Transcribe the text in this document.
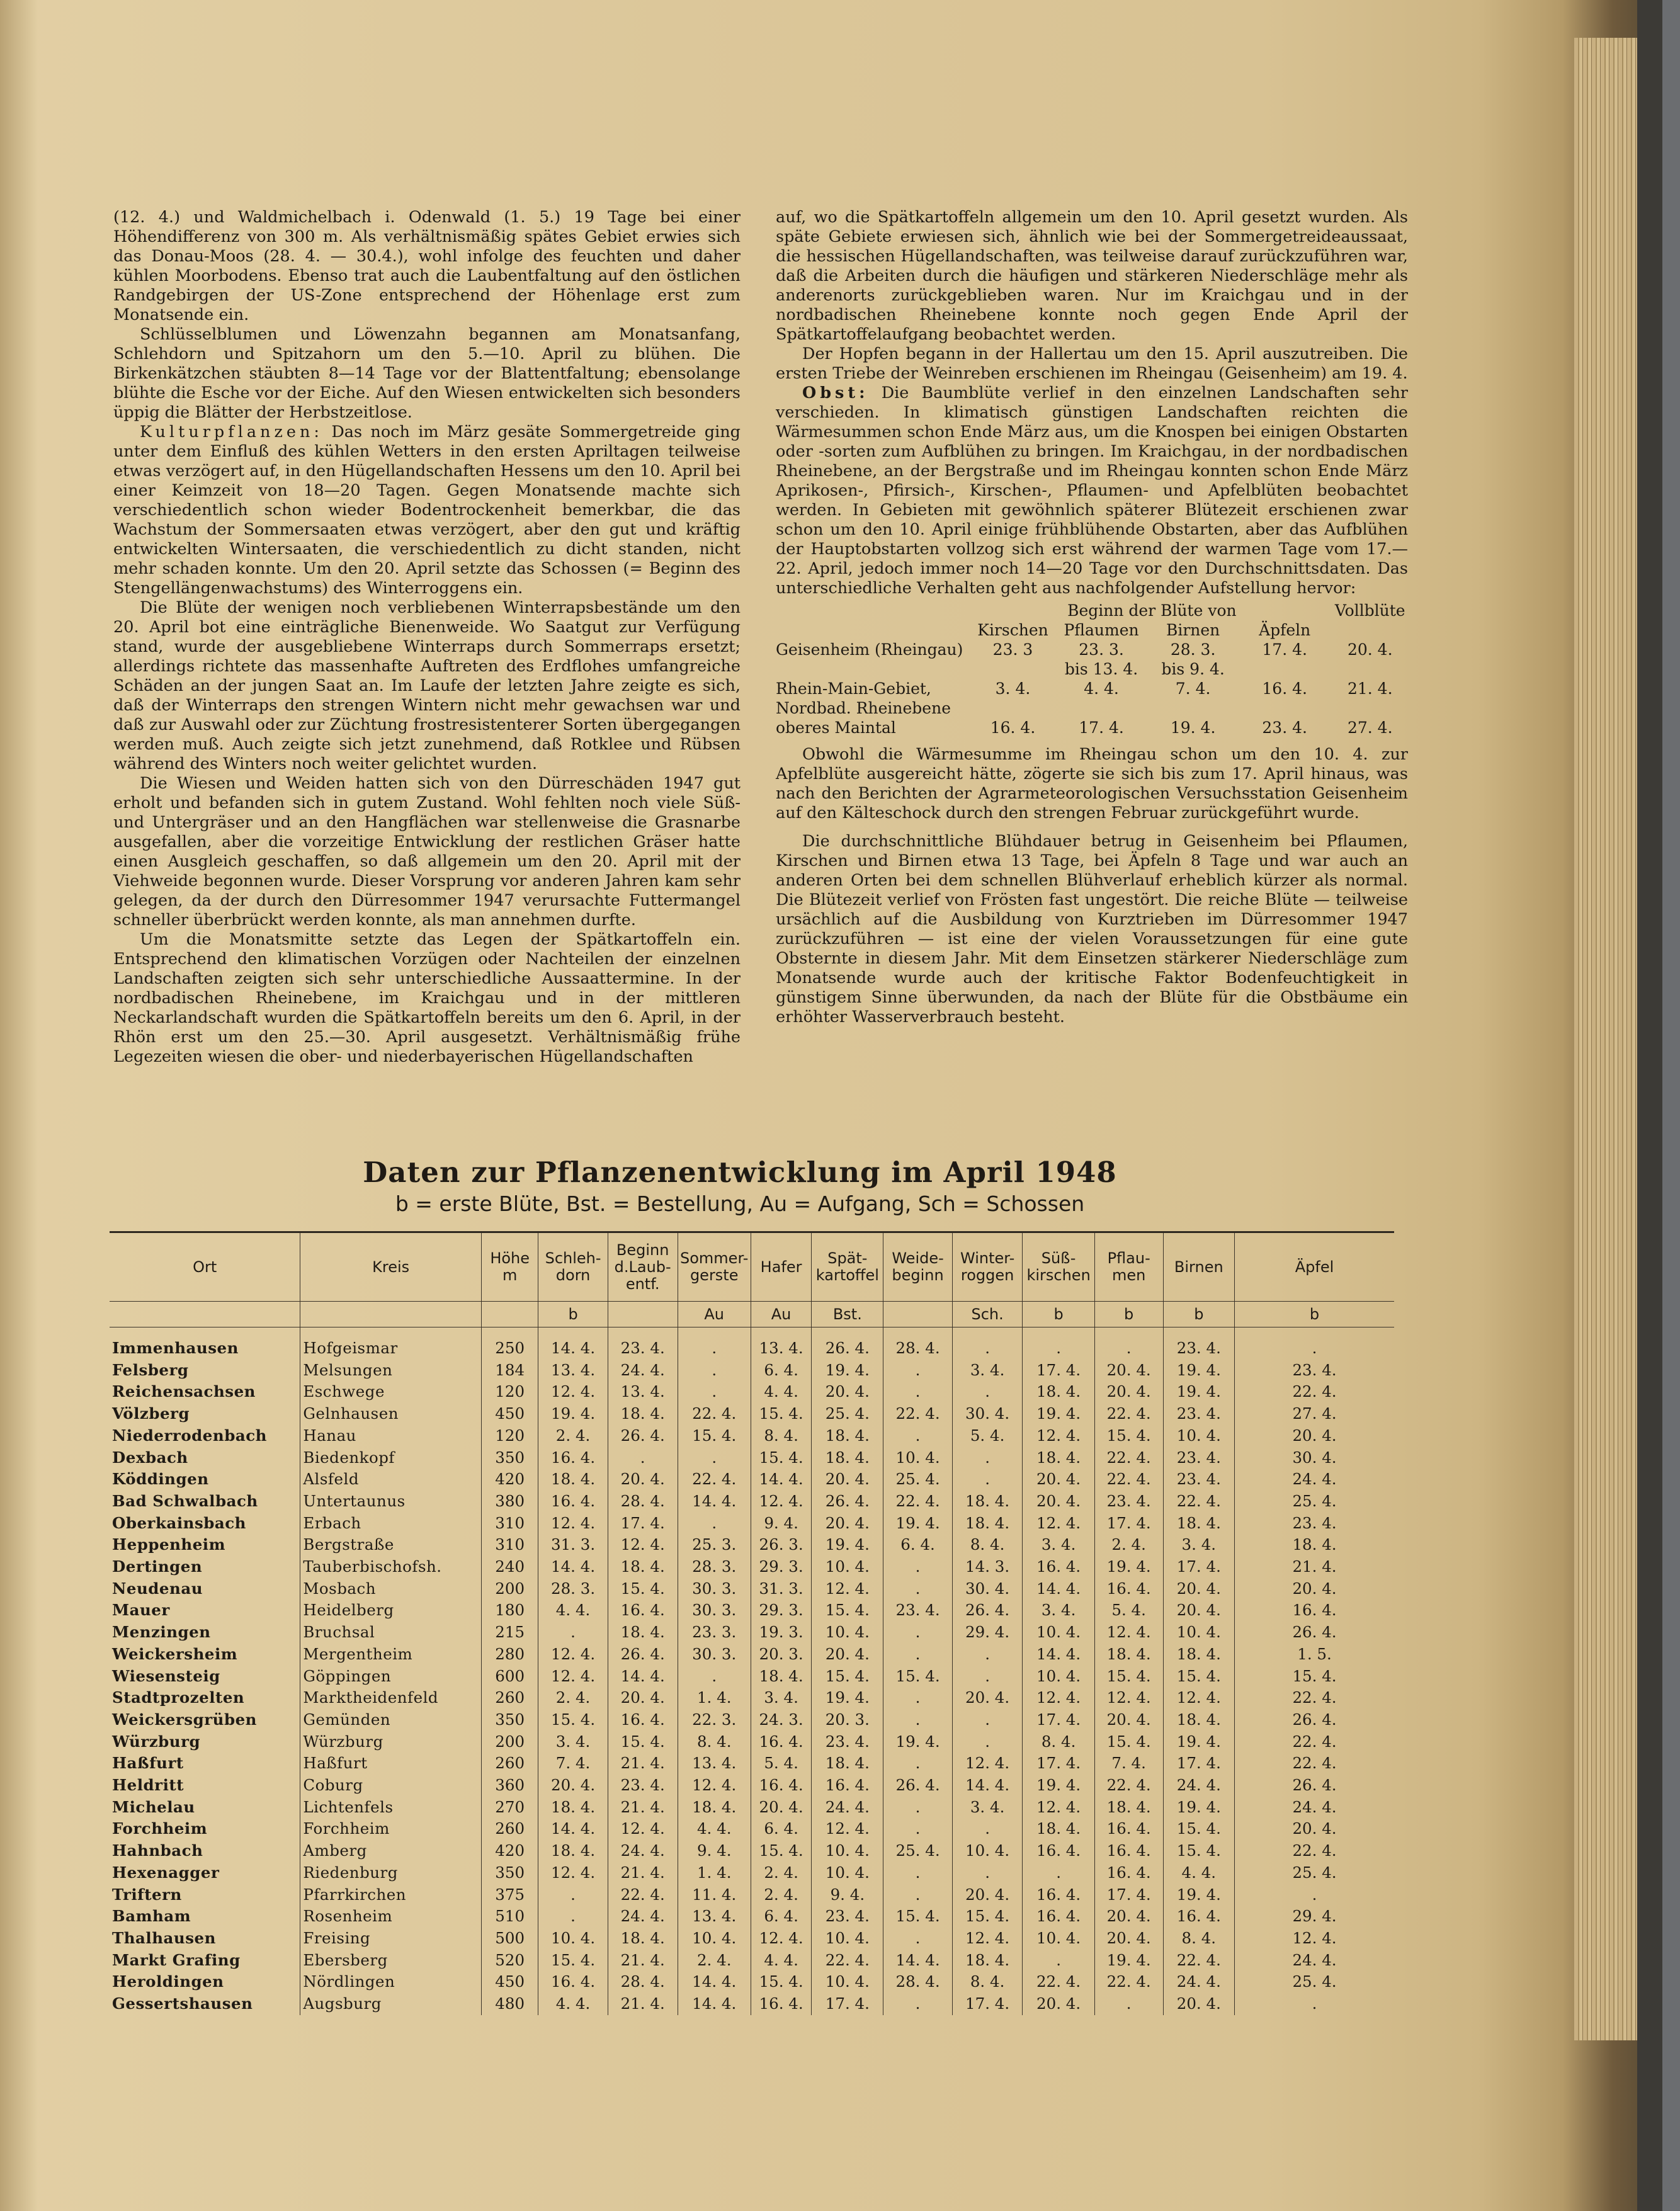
(12. 4.) und Waldmichelbach i. Odenwald (1. 5.) 19 Tage bei einer Höhendifferenz von 300 m. Als verhältnismäßig spätes Gebiet erwies sich das Donau-Moos (28. 4. — 30.4.), wohl infolge des feuchten und daher kühlen Moorbodens. Ebenso trat auch die Laubentfaltung auf den östlichen Randgebirgen der US-Zone entsprechend der Höhenlage erst zum Monatsende ein.

Schlüsselblumen und Löwenzahn begannen am Monatsanfang, Schlehdorn und Spitzahorn um den 5.—10. April zu blühen. Die Birkenkätzchen stäubten 8—14 Tage vor der Blattentfaltung; ebensolange blühte die Esche vor der Eiche. Auf den Wiesen entwickelten sich besonders üppig die Blätter der Herbstzeitlose.

Kulturpflanzen: Das noch im März gesäte Sommergetreide ging unter dem Einfluß des kühlen Wetters in den ersten Apriltagen teilweise etwas verzögert auf, in den Hügellandschaften Hessens um den 10. April bei einer Keimzeit von 18—20 Tagen. Gegen Monatsende machte sich verschiedentlich schon wieder Bodentrockenheit bemerkbar, die das Wachstum der Sommersaaten etwas verzögert, aber den gut und kräftig entwickelten Wintersaaten, die verschiedentlich zu dicht standen, nicht mehr schaden konnte. Um den 20. April setzte das Schossen (= Beginn des Stengellängenwachstums) des Winterroggens ein.

Die Blüte der wenigen noch verbliebenen Winterrapsbestände um den 20. April bot eine einträgliche Bienenweide. Wo Saatgut zur Verfügung stand, wurde der ausgebliebene Winterraps durch Sommerraps ersetzt; allerdings richtete das massenhafte Auftreten des Erdflohes umfangreiche Schäden an der jungen Saat an. Im Laufe der letzten Jahre zeigte es sich, daß der Winterraps den strengen Wintern nicht mehr gewachsen war und daß zur Auswahl oder zur Züchtung frostresistenterer Sorten übergegangen werden muß. Auch zeigte sich jetzt zunehmend, daß Rotklee und Rübsen während des Winters noch weiter gelichtet wurden.

Die Wiesen und Weiden hatten sich von den Dürreschäden 1947 gut erholt und befanden sich in gutem Zustand. Wohl fehlten noch viele Süß- und Untergräser und an den Hangflächen war stellenweise die Grasnarbe ausgefallen, aber die vorzeitige Entwicklung der restlichen Gräser hatte einen Ausgleich geschaffen, so daß allgemein um den 20. April mit der Viehweide begonnen wurde. Dieser Vorsprung vor anderen Jahren kam sehr gelegen, da der durch den Dürresommer 1947 verursachte Futtermangel schneller überbrückt werden konnte, als man annehmen durfte.

Um die Monatsmitte setzte das Legen der Spätkartoffeln ein. Entsprechend den klimatischen Vorzügen oder Nachteilen der einzelnen Landschaften zeigten sich sehr unterschiedliche Aussaattermine. In der nordbadischen Rheinebene, im Kraichgau und in der mittleren Neckarlandschaft wurden die Spätkartoffeln bereits um den 6. April, in der Rhön erst um den 25.—30. April ausgesetzt. Verhältnismäßig frühe Legezeiten wiesen die ober- und niederbayerischen Hügellandschaften

auf, wo die Spätkartoffeln allgemein um den 10. April gesetzt wurden. Als späte Gebiete erwiesen sich, ähnlich wie bei der Sommergetreideaussaat, die hessischen Hügellandschaften, was teilweise darauf zurückzuführen war, daß die Arbeiten durch die häufigen und stärkeren Niederschläge mehr als anderenorts zurückgeblieben waren. Nur im Kraichgau und in der nordbadischen Rheinebene konnte noch gegen Ende April der Spätkartoffelaufgang beobachtet werden.

Der Hopfen begann in der Hallertau um den 15. April auszutreiben. Die ersten Triebe der Weinreben erschienen im Rheingau (Geisenheim) am 19. 4.

Obst: Die Baumblüte verlief in den einzelnen Landschaften sehr verschieden. In klimatisch günstigen Landschaften reichten die Wärmesummen schon Ende März aus, um die Knospen bei einigen Obstarten oder -sorten zum Aufblühen zu bringen. Im Kraichgau, in der nordbadischen Rheinebene, an der Bergstraße und im Rheingau konnten schon Ende März Aprikosen-, Pfirsich-, Kirschen-, Pflaumen- und Apfelblüten beobachtet werden. In Gebieten mit gewöhnlich späterer Blütezeit erschienen zwar schon um den 10. April einige frühblühende Obstarten, aber das Aufblühen der Hauptobstarten vollzog sich erst während der warmen Tage vom 17.—22. April, jedoch immer noch 14—20 Tage vor den Durchschnittsdaten. Das unterschiedliche Verhalten geht aus nachfolgender Aufstellung hervor:

	Beginn der Blüte von				Vollblüte
	Kirschen	Pflaumen	Birnen	Äpfeln	
Geisenheim (Rheingau)	23. 3	23. 3.	28. 3.	17. 4.	20. 4.
		bis 13. 4.	bis 9. 4.		
Rhein-Main-Gebiet,	3. 4.	4. 4.	7. 4.	16. 4.	21. 4.
Nordbad. Rheinebene					
oberes Maintal	16. 4.	17. 4.	19. 4.	23. 4.	27. 4.

Obwohl die Wärmesumme im Rheingau schon um den 10. 4. zur Apfelblüte ausgereicht hätte, zögerte sie sich bis zum 17. April hinaus, was nach den Berichten der Agrarmeteorologischen Versuchsstation Geisenheim auf den Kälteschock durch den strengen Februar zurückgeführt wurde.

Die durchschnittliche Blühdauer betrug in Geisenheim bei Pflaumen, Kirschen und Birnen etwa 13 Tage, bei Äpfeln 8 Tage und war auch an anderen Orten bei dem schnellen Blühverlauf erheblich kürzer als normal. Die Blütezeit verlief von Frösten fast ungestört. Die reiche Blüte — teilweise ursächlich auf die Ausbildung von Kurztrieben im Dürresommer 1947 zurückzuführen — ist eine der vielen Voraussetzungen für eine gute Obsternte in diesem Jahr. Mit dem Einsetzen stärkerer Niederschläge zum Monatsende wurde auch der kritische Faktor Bodenfeuchtigkeit in günstigem Sinne überwunden, da nach der Blüte für die Obstbäume ein erhöhter Wasserverbrauch besteht.

Daten zur Pflanzenentwicklung im April 1948
b = erste Blüte, Bst. = Bestellung, Au = Aufgang, Sch = Schossen

Ort	Kreis	Höhe m	Schleh-dorn	Beginn d.Laub-entf.	Sommer-gerste	Hafer	Spät-kartoffel	Weide-beginn	Winter-roggen	Süß-kirschen	Pflau-men	Birnen	Äpfel
			b		Au	Au	Bst.		Sch.	b	b	b	b
Immenhausen	Hofgeismar	250	14. 4.	23. 4.	.	13. 4.	26. 4.	28. 4.	.	.	.	23. 4.	.
Felsberg	Melsungen	184	13. 4.	24. 4.	.	6. 4.	19. 4.	.	3. 4.	17. 4.	20. 4.	19. 4.	23. 4.
Reichensachsen	Eschwege	120	12. 4.	13. 4.	.	4. 4.	20. 4.	.	.	18. 4.	20. 4.	19. 4.	22. 4.
Völzberg	Gelnhausen	450	19. 4.	18. 4.	22. 4.	15. 4.	25. 4.	22. 4.	30. 4.	19. 4.	22. 4.	23. 4.	27. 4.
Niederrodenbach	Hanau	120	2. 4.	26. 4.	15. 4.	8. 4.	18. 4.	.	5. 4.	12. 4.	15. 4.	10. 4.	20. 4.
Dexbach	Biedenkopf	350	16. 4.	.	.	15. 4.	18. 4.	10. 4.	.	18. 4.	22. 4.	23. 4.	30. 4.
Köddingen	Alsfeld	420	18. 4.	20. 4.	22. 4.	14. 4.	20. 4.	25. 4.	.	20. 4.	22. 4.	23. 4.	24. 4.
Bad Schwalbach	Untertaunus	380	16. 4.	28. 4.	14. 4.	12. 4.	26. 4.	22. 4.	18. 4.	20. 4.	23. 4.	22. 4.	25. 4.
Oberkainsbach	Erbach	310	12. 4.	17. 4.	.	9. 4.	20. 4.	19. 4.	18. 4.	12. 4.	17. 4.	18. 4.	23. 4.
Heppenheim	Bergstraße	310	31. 3.	12. 4.	25. 3.	26. 3.	19. 4.	6. 4.	8. 4.	3. 4.	2. 4.	3. 4.	18. 4.
Dertingen	Tauberbischofsh.	240	14. 4.	18. 4.	28. 3.	29. 3.	10. 4.	.	14. 3.	16. 4.	19. 4.	17. 4.	21. 4.
Neudenau	Mosbach	200	28. 3.	15. 4.	30. 3.	31. 3.	12. 4.	.	30. 4.	14. 4.	16. 4.	20. 4.	20. 4.
Mauer	Heidelberg	180	4. 4.	16. 4.	30. 3.	29. 3.	15. 4.	23. 4.	26. 4.	3. 4.	5. 4.	20. 4.	16. 4.
Menzingen	Bruchsal	215	.	18. 4.	23. 3.	19. 3.	10. 4.	.	29. 4.	10. 4.	12. 4.	10. 4.	26. 4.
Weickersheim	Mergentheim	280	12. 4.	26. 4.	30. 3.	20. 3.	20. 4.	.	.	14. 4.	18. 4.	18. 4.	1. 5.
Wiesensteig	Göppingen	600	12. 4.	14. 4.	.	18. 4.	15. 4.	15. 4.	.	10. 4.	15. 4.	15. 4.	15. 4.
Stadtprozelten	Marktheidenfeld	260	2. 4.	20. 4.	1. 4.	3. 4.	19. 4.	.	20. 4.	12. 4.	12. 4.	12. 4.	22. 4.
Weickersgrüben	Gemünden	350	15. 4.	16. 4.	22. 3.	24. 3.	20. 3.	.	.	17. 4.	20. 4.	18. 4.	26. 4.
Würzburg	Würzburg	200	3. 4.	15. 4.	8. 4.	16. 4.	23. 4.	19. 4.	.	8. 4.	15. 4.	19. 4.	22. 4.
Haßfurt	Haßfurt	260	7. 4.	21. 4.	13. 4.	5. 4.	18. 4.	.	12. 4.	17. 4.	7. 4.	17. 4.	22. 4.
Heldritt	Coburg	360	20. 4.	23. 4.	12. 4.	16. 4.	16. 4.	26. 4.	14. 4.	19. 4.	22. 4.	24. 4.	26. 4.
Michelau	Lichtenfels	270	18. 4.	21. 4.	18. 4.	20. 4.	24. 4.	.	3. 4.	12. 4.	18. 4.	19. 4.	24. 4.
Forchheim	Forchheim	260	14. 4.	12. 4.	4. 4.	6. 4.	12. 4.	.	.	18. 4.	16. 4.	15. 4.	20. 4.
Hahnbach	Amberg	420	18. 4.	24. 4.	9. 4.	15. 4.	10. 4.	25. 4.	10. 4.	16. 4.	16. 4.	15. 4.	22. 4.
Hexenagger	Riedenburg	350	12. 4.	21. 4.	1. 4.	2. 4.	10. 4.	.	.	.	16. 4.	4. 4.	25. 4.
Triftern	Pfarrkirchen	375	.	22. 4.	11. 4.	2. 4.	9. 4.	.	20. 4.	16. 4.	17. 4.	19. 4.	.
Bamham	Rosenheim	510	.	24. 4.	13. 4.	6. 4.	23. 4.	15. 4.	15. 4.	16. 4.	20. 4.	16. 4.	29. 4.
Thalhausen	Freising	500	10. 4.	18. 4.	10. 4.	12. 4.	10. 4.	.	12. 4.	10. 4.	20. 4.	8. 4.	12. 4.
Markt Grafing	Ebersberg	520	15. 4.	21. 4.	2. 4.	4. 4.	22. 4.	14. 4.	18. 4.	.	19. 4.	22. 4.	24. 4.
Heroldingen	Nördlingen	450	16. 4.	28. 4.	14. 4.	15. 4.	10. 4.	28. 4.	8. 4.	22. 4.	22. 4.	24. 4.	25. 4.
Gessertshausen	Augsburg	480	4. 4.	21. 4.	14. 4.	16. 4.	17. 4.	.	17. 4.	20. 4.	.	20. 4.	.
